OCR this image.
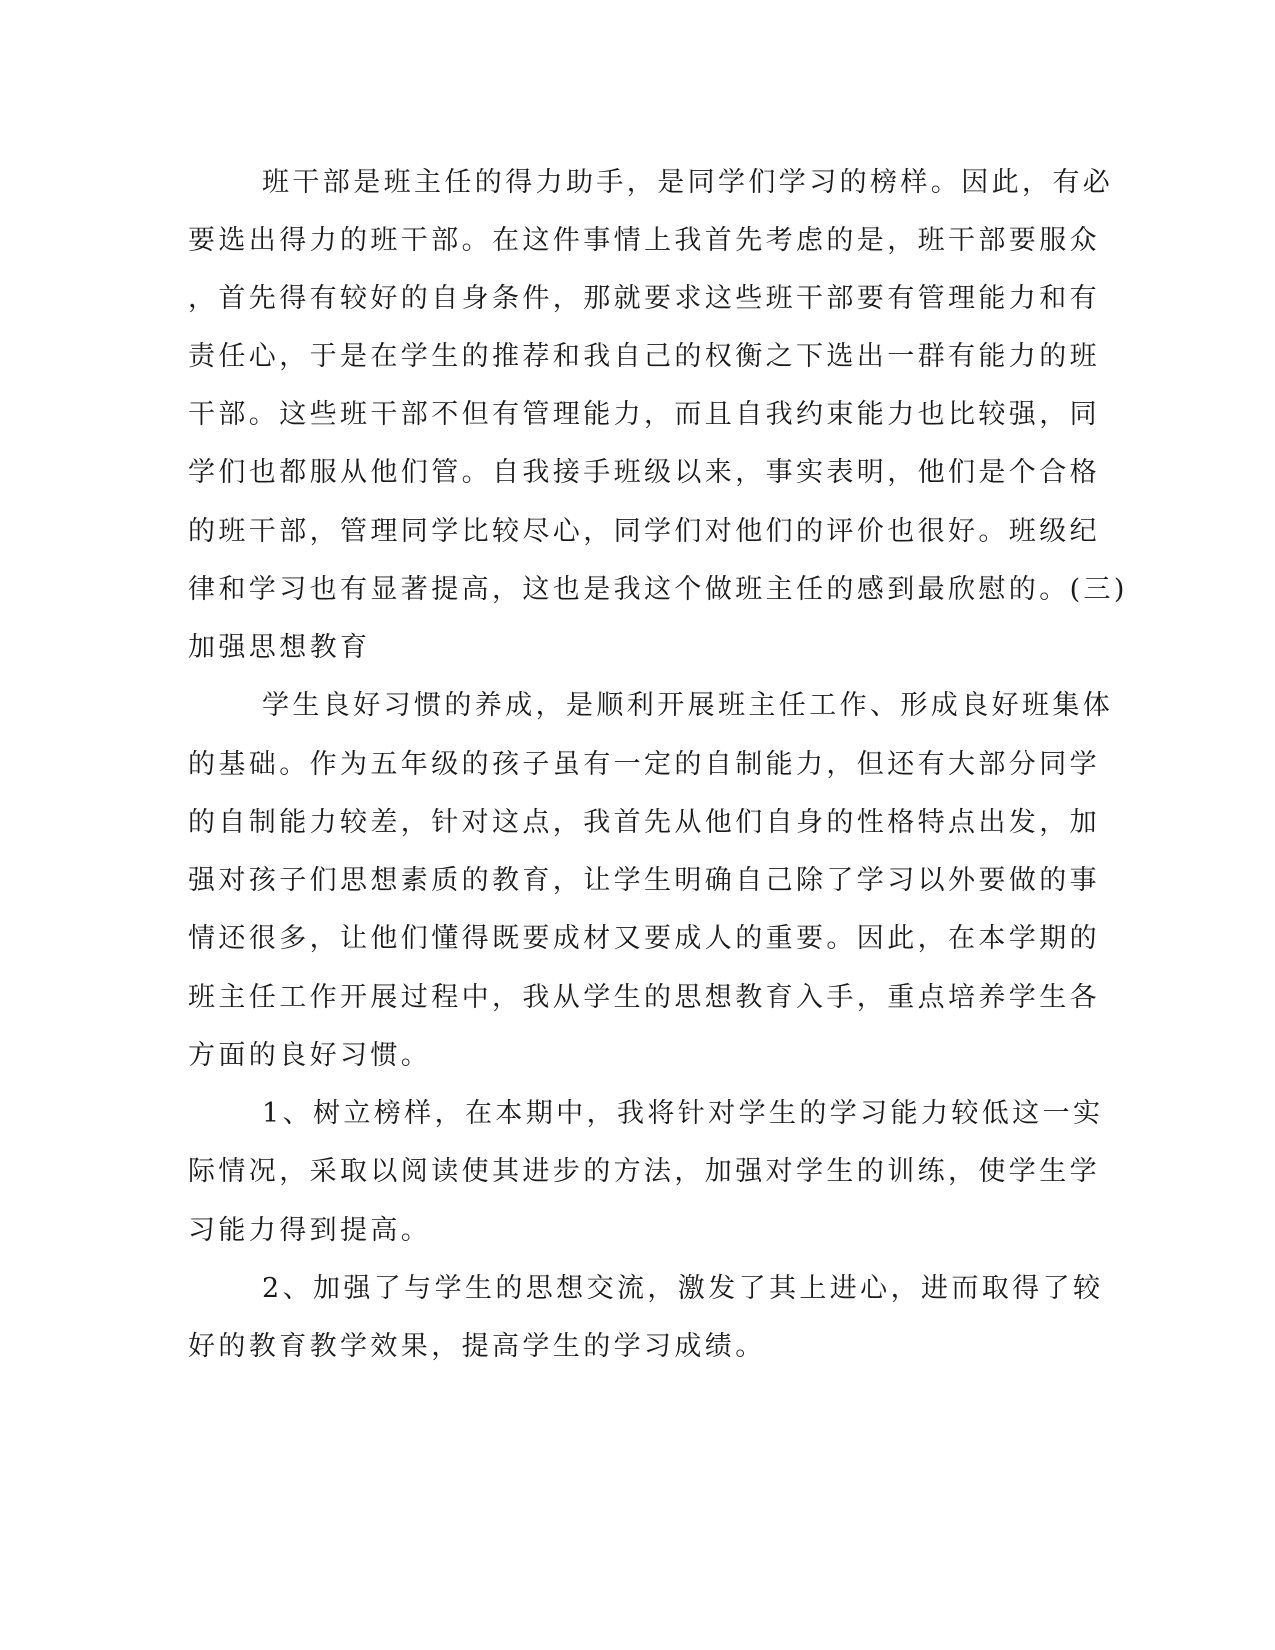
班干部是班主任的得力助手，是同学们学习的榜样。因此，有必
要选出得力的班干部。在这件事情上我首先考虑的是，班干部要服众
，首先得有较好的自身条件，那就要求这些班干部要有管理能力和有
责任心，于是在学生的推荐和我自己的权衡之下选出一群有能力的班
干部。这些班干部不但有管理能力，而且自我约束能力也比较强，同
学们也都服从他们管。自我接手班级以来，事实表明，他们是个合格
的班干部，管理同学比较尽心，同学们对他们的评价也很好。班级纪
律和学习也有显著提高，这也是我这个做班主任的感到最欣慰的。(三)
加强思想教育
学生良好习惯的养成，是顺利开展班主任工作、形成良好班集体
的基础。作为五年级的孩子虽有一定的自制能力，但还有大部分同学
的自制能力较差，针对这点，我首先从他们自身的性格特点出发，加
强对孩子们思想素质的教育，让学生明确自己除了学习以外要做的事
情还很多，让他们懂得既要成材又要成人的重要。因此，在本学期的
班主任工作开展过程中，我从学生的思想教育入手，重点培养学生各
方面的良好习惯。
1、树立榜样，在本期中，我将针对学生的学习能力较低这一实
际情况，采取以阅读使其进步的方法，加强对学生的训练，使学生学
习能力得到提高。
2、加强了与学生的思想交流，激发了其上进心，进而取得了较
好的教育教学效果，提高学生的学习成绩。
